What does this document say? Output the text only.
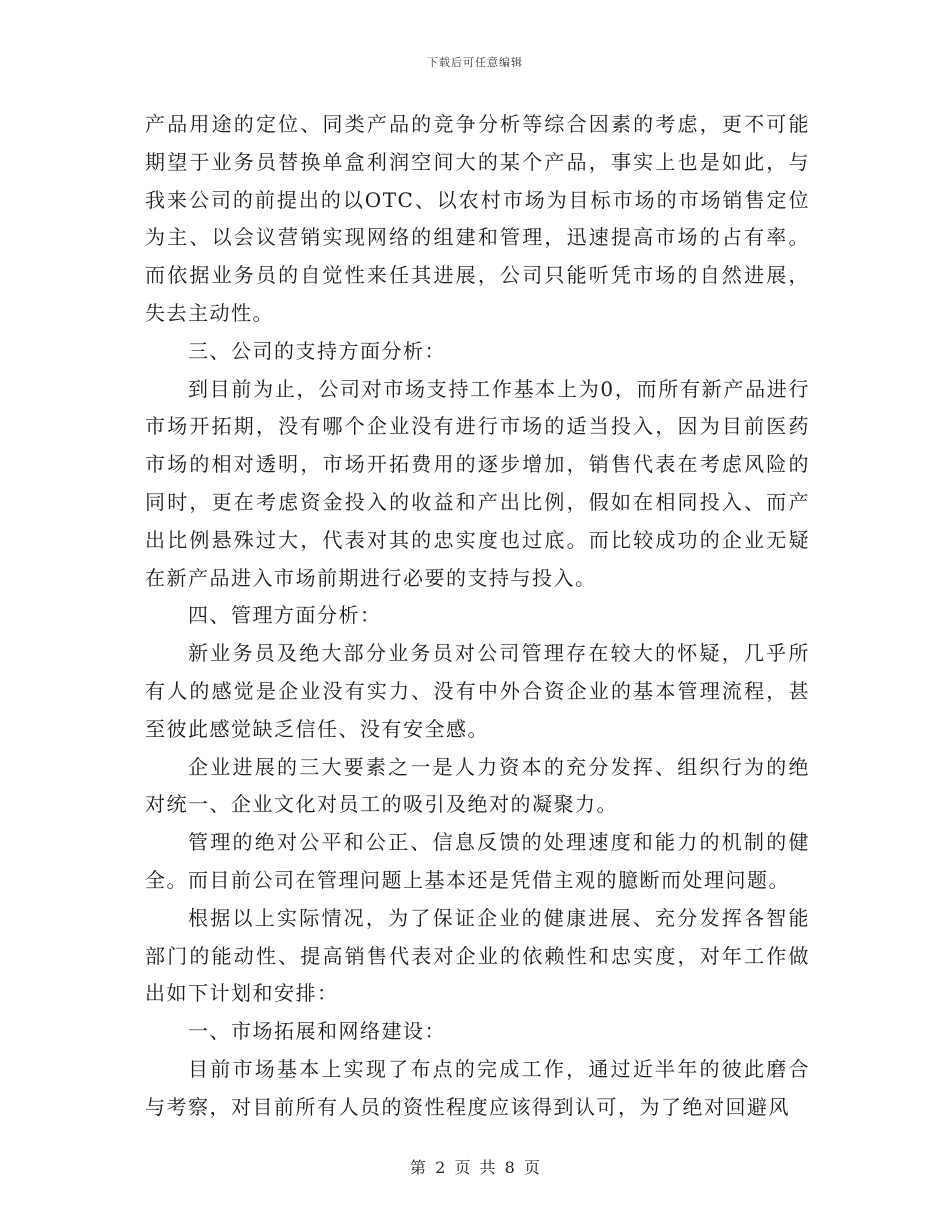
下载后可任意编辑

产品用途的定位、同类产品的竞争分析等综合因素的考虑，更不可能期望于业务员替换单盒利润空间大的某个产品，事实上也是如此，与我来公司的前提出的以OTC、以农村市场为目标市场的市场销售定位为主、以会议营销实现网络的组建和管理，迅速提高市场的占有率。而依据业务员的自觉性来任其进展，公司只能听凭市场的自然进展，失去主动性。

三、公司的支持方面分析：

到目前为止，公司对市场支持工作基本上为0，而所有新产品进行市场开拓期，没有哪个企业没有进行市场的适当投入，因为目前医药市场的相对透明，市场开拓费用的逐步增加，销售代表在考虑风险的同时，更在考虑资金投入的收益和产出比例，假如在相同投入、而产出比例悬殊过大，代表对其的忠实度也过底。而比较成功的企业无疑在新产品进入市场前期进行必要的支持与投入。

四、管理方面分析：

新业务员及绝大部分业务员对公司管理存在较大的怀疑，几乎所有人的感觉是企业没有实力、没有中外合资企业的基本管理流程，甚至彼此感觉缺乏信任、没有安全感。

企业进展的三大要素之一是人力资本的充分发挥、组织行为的绝对统一、企业文化对员工的吸引及绝对的凝聚力。

管理的绝对公平和公正、信息反馈的处理速度和能力的机制的健全。而目前公司在管理问题上基本还是凭借主观的臆断而处理问题。

根据以上实际情况，为了保证企业的健康进展、充分发挥各智能部门的能动性、提高销售代表对企业的依赖性和忠实度，对年工作做出如下计划和安排：

一、市场拓展和网络建设：

目前市场基本上实现了布点的完成工作，通过近半年的彼此磨合与考察，对目前所有人员的资性程度应该得到认可，为了绝对回避风

第 2 页 共 8 页
